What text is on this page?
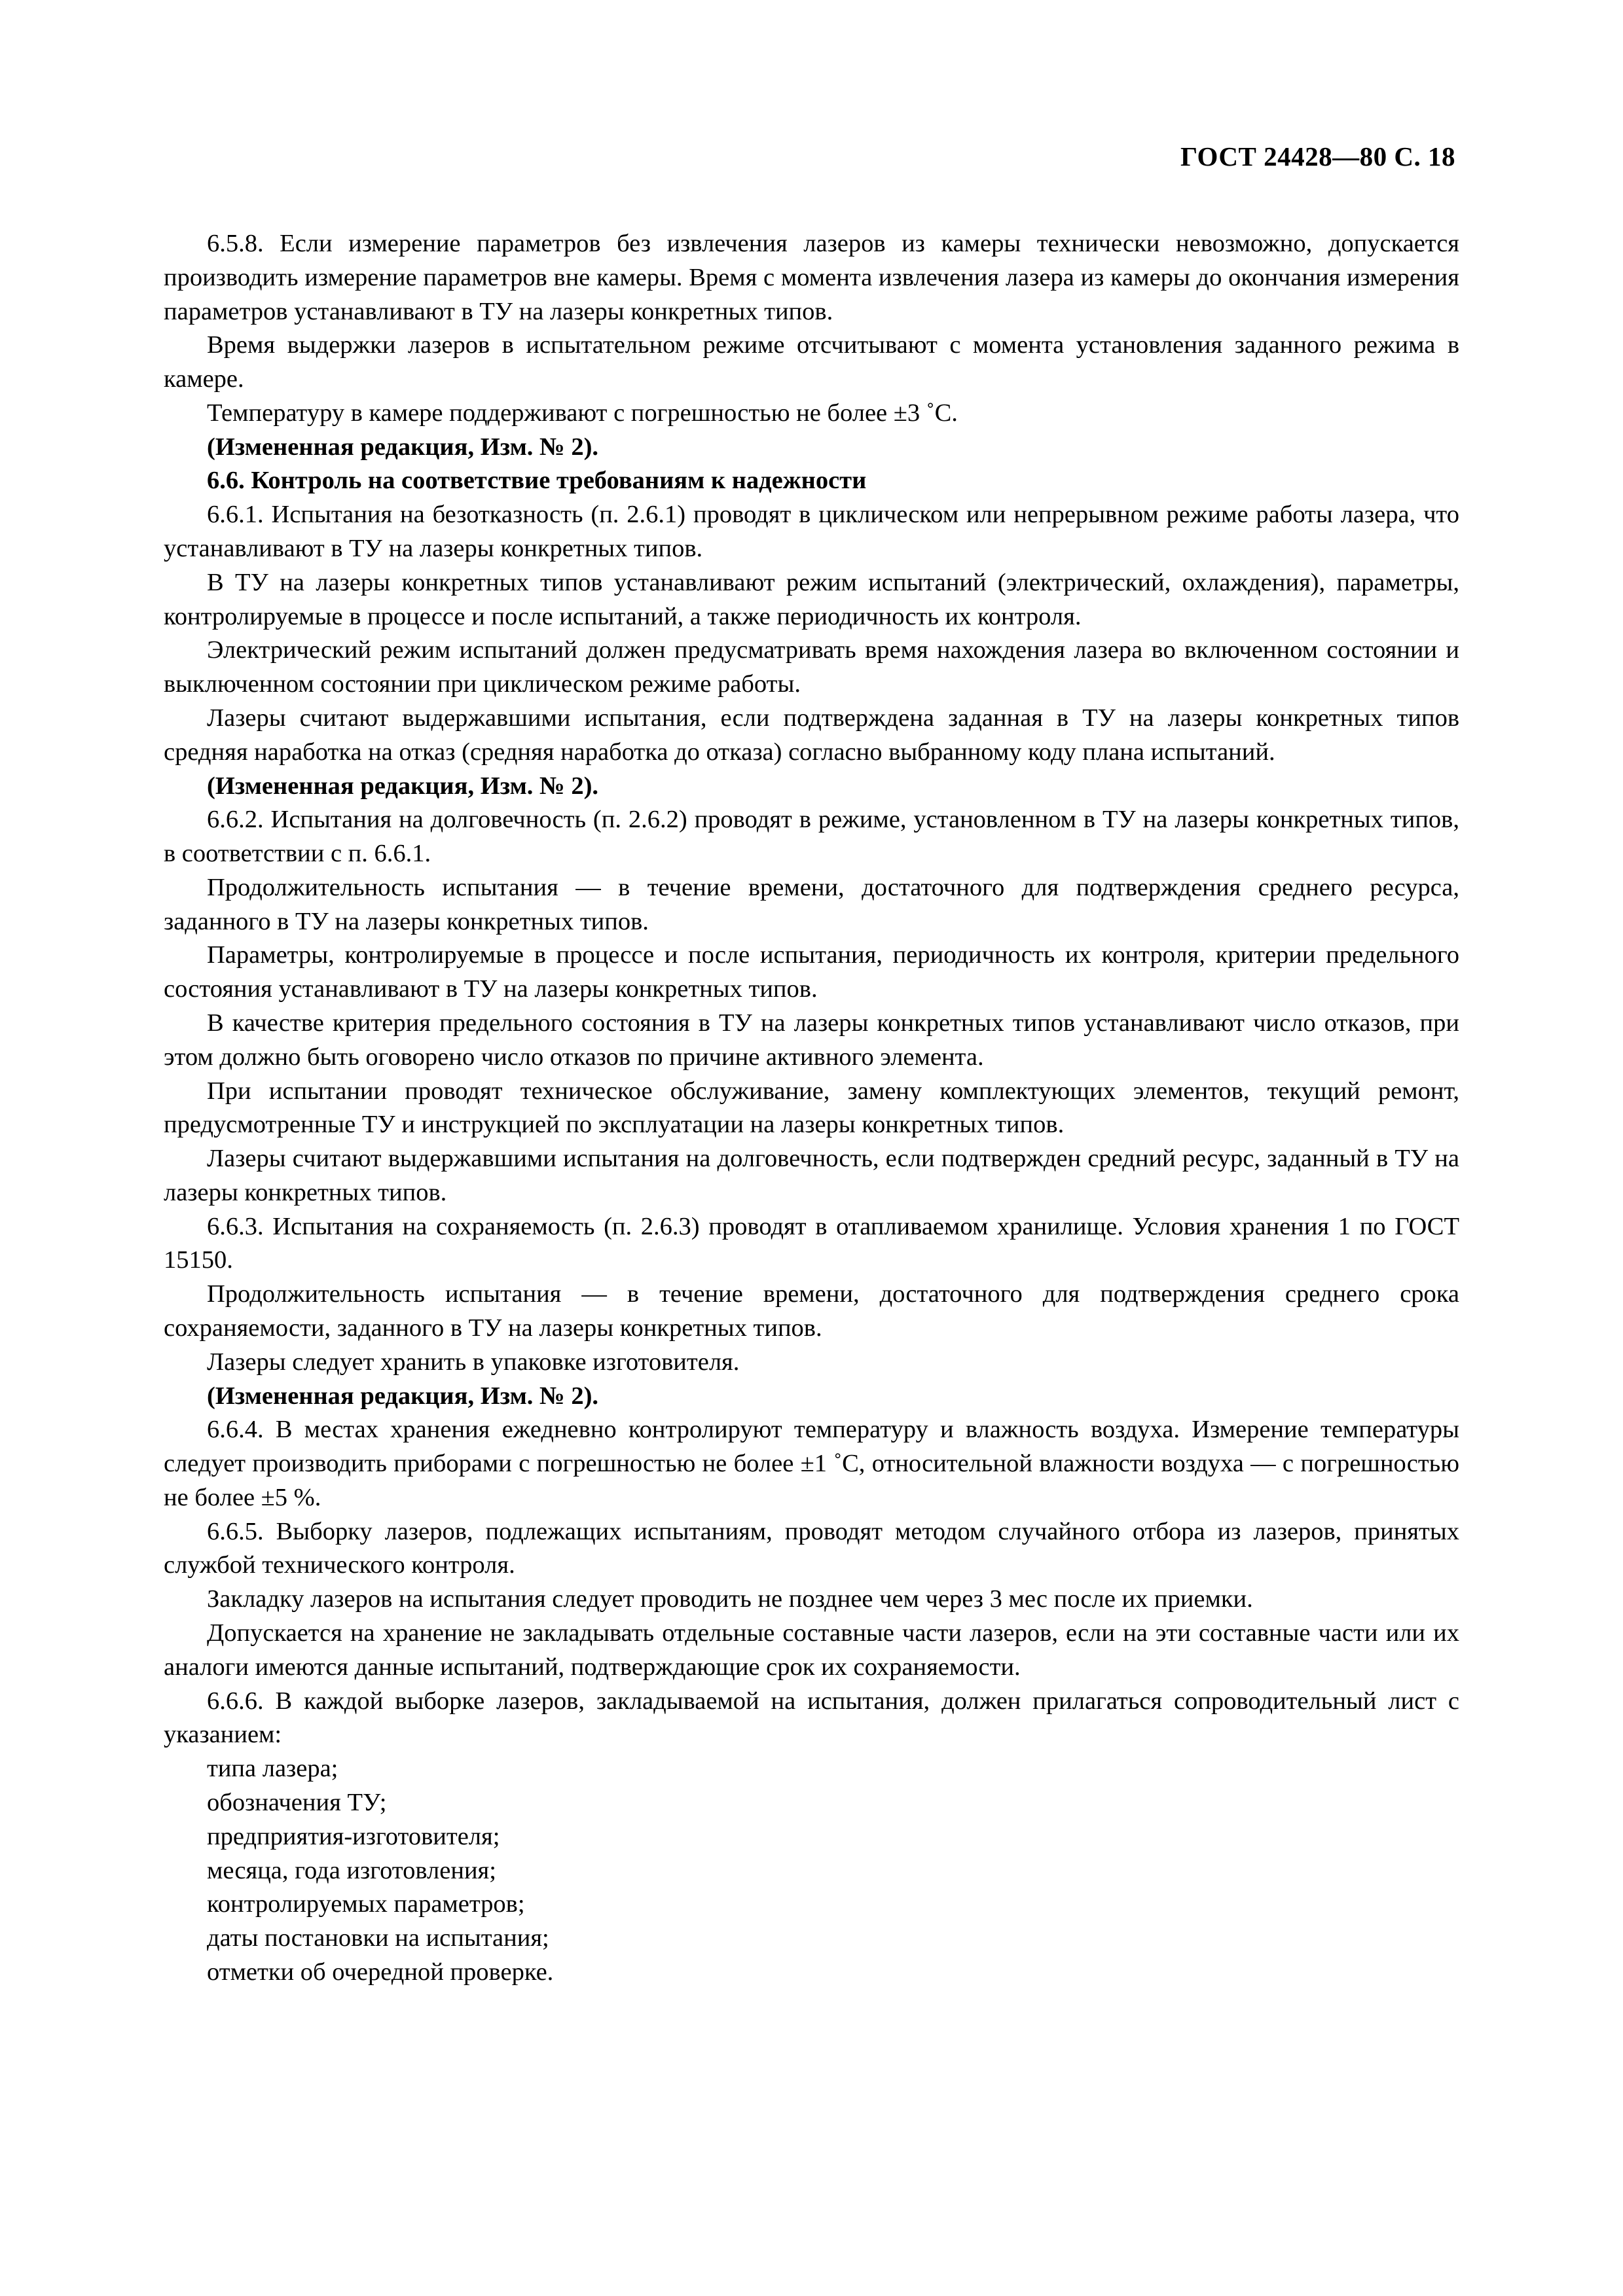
ГОСТ 24428—80 С. 18

6.5.8. Если измерение параметров без извлечения лазеров из камеры технически невозможно, допускается производить измерение параметров вне камеры. Время с момента извлечения лазера из камеры до окончания измерения параметров устанавливают в ТУ на лазеры конкретных типов.

Время выдержки лазеров в испытательном режиме отсчитывают с момента установления заданного режима в камере.

Температуру в камере поддерживают с погрешностью не более ±3 ˚С.

(Измененная редакция, Изм. № 2).

6.6. Контроль на соответствие требованиям к надежности

6.6.1. Испытания на безотказность (п. 2.6.1) проводят в циклическом или непрерывном режиме работы лазера, что устанавливают в ТУ на лазеры конкретных типов.

В ТУ на лазеры конкретных типов устанавливают режим испытаний (электрический, охлаждения), параметры, контролируемые в процессе и после испытаний, а также периодичность их контроля.

Электрический режим испытаний должен предусматривать время нахождения лазера во включенном состоянии и выключенном состоянии при циклическом режиме работы.

Лазеры считают выдержавшими испытания, если подтверждена заданная в ТУ на лазеры конкретных типов средняя наработка на отказ (средняя наработка до отказа) согласно выбранному коду плана испытаний.

(Измененная редакция, Изм. № 2).

6.6.2. Испытания на долговечность (п. 2.6.2) проводят в режиме, установленном в ТУ на лазеры конкретных типов, в соответствии с п. 6.6.1.

Продолжительность испытания — в течение времени, достаточного для подтверждения среднего ресурса, заданного в ТУ на лазеры конкретных типов.

Параметры, контролируемые в процессе и после испытания, периодичность их контроля, критерии предельного состояния устанавливают в ТУ на лазеры конкретных типов.

В качестве критерия предельного состояния в ТУ на лазеры конкретных типов устанавливают число отказов, при этом должно быть оговорено число отказов по причине активного элемента.

При испытании проводят техническое обслуживание, замену комплектующих элементов, текущий ремонт, предусмотренные ТУ и инструкцией по эксплуатации на лазеры конкретных типов.

Лазеры считают выдержавшими испытания на долговечность, если подтвержден средний ресурс, заданный в ТУ на лазеры конкретных типов.

6.6.3. Испытания на сохраняемость (п. 2.6.3) проводят в отапливаемом хранилище. Условия хранения 1 по ГОСТ 15150.

Продолжительность испытания — в течение времени, достаточного для подтверждения среднего срока сохраняемости, заданного в ТУ на лазеры конкретных типов.

Лазеры следует хранить в упаковке изготовителя.

(Измененная редакция, Изм. № 2).

6.6.4. В местах хранения ежедневно контролируют температуру и влажность воздуха. Измерение температуры следует производить приборами с погрешностью не более ±1 ˚С, относительной влажности воздуха — с погрешностью не более ±5 %.

6.6.5. Выборку лазеров, подлежащих испытаниям, проводят методом случайного отбора из лазеров, принятых службой технического контроля.

Закладку лазеров на испытания следует проводить не позднее чем через 3 мес после их приемки.

Допускается на хранение не закладывать отдельные составные части лазеров, если на эти составные части или их аналоги имеются данные испытаний, подтверждающие срок их сохраняемости.

6.6.6. В каждой выборке лазеров, закладываемой на испытания, должен прилагаться сопроводительный лист с указанием:

типа лазера;

обозначения ТУ;

предприятия-изготовителя;

месяца, года изготовления;

контролируемых параметров;

даты постановки на испытания;

отметки об очередной проверке.
